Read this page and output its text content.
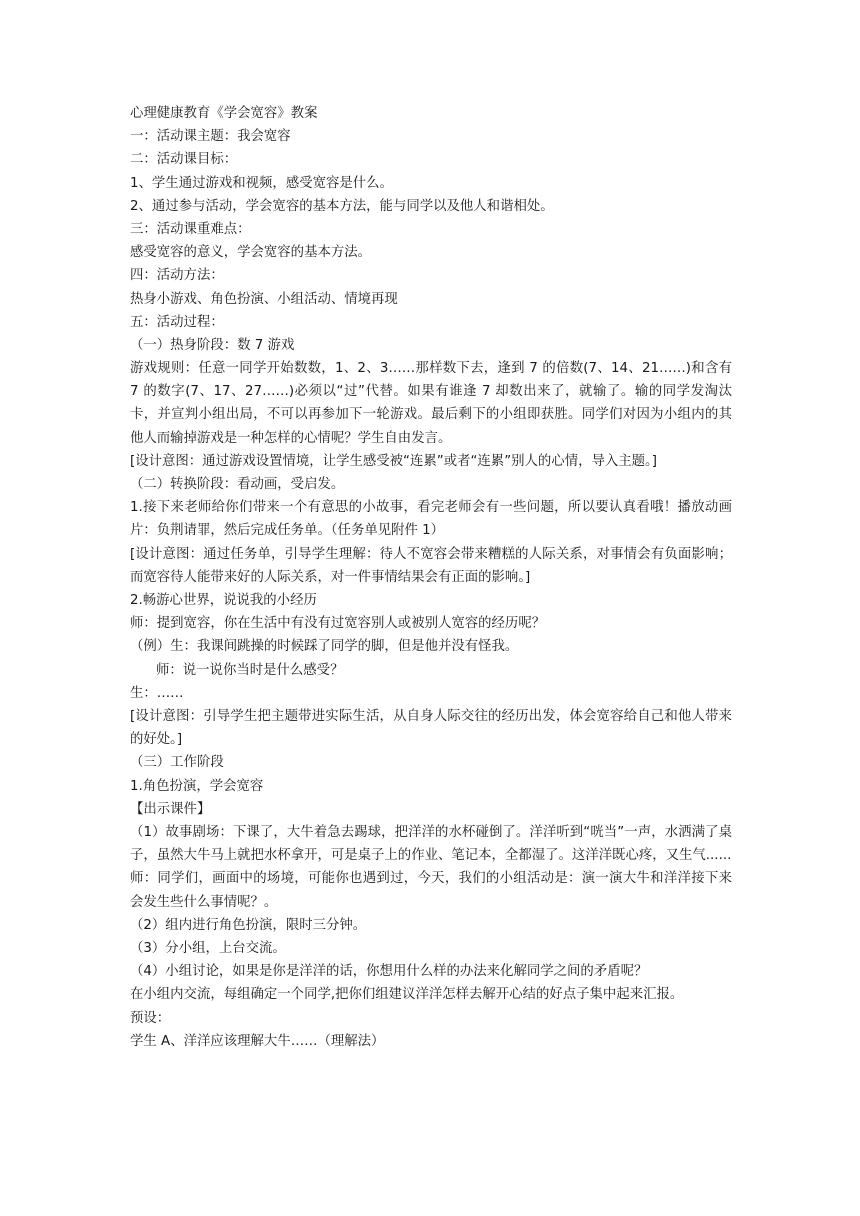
心理健康教育《学会宽容》教案
一：活动课主题：我会宽容
二：活动课目标：
1、学生通过游戏和视频，感受宽容是什么。
2、通过参与活动，学会宽容的基本方法，能与同学以及他人和谐相处。
三：活动课重难点：
感受宽容的意义，学会宽容的基本方法。
四：活动方法：
热身小游戏、角色扮演、小组活动、情境再现
五：活动过程：
（一）热身阶段：数 7 游戏
游戏规则：任意一同学开始数数，1、2、3……那样数下去，逢到 7 的倍数(7、14、21……)和含有 7 的数字(7、17、27……)必须以“过”代替。如果有谁逢 7 却数出来了，就输了。输的同学发淘汰卡，并宣判小组出局，不可以再参加下一轮游戏。最后剩下的小组即获胜。同学们对因为小组内的其他人而输掉游戏是一种怎样的心情呢？学生自由发言。
[设计意图：通过游戏设置情境，让学生感受被“连累”或者“连累”别人的心情，导入主题。]
（二）转换阶段：看动画，受启发。
1.接下来老师给你们带来一个有意思的小故事，看完老师会有一些问题，所以要认真看哦！播放动画片：负荆请罪，然后完成任务单。（任务单见附件 1）
[设计意图：通过任务单，引导学生理解：待人不宽容会带来糟糕的人际关系，对事情会有负面影响；而宽容待人能带来好的人际关系，对一件事情结果会有正面的影响。]
2.畅游心世界，说说我的小经历
师：提到宽容，你在生活中有没有过宽容别人或被别人宽容的经历呢？
（例）生：我课间跳操的时候踩了同学的脚，但是他并没有怪我。
师：说一说你当时是什么感受？
生：……
[设计意图：引导学生把主题带进实际生活，从自身人际交往的经历出发，体会宽容给自己和他人带来的好处。]
（三）工作阶段
1.角色扮演，学会宽容
【出示课件】
（1）故事剧场：下课了，大牛着急去踢球，把洋洋的水杯碰倒了。洋洋听到“咣当”一声，水洒满了桌子，虽然大牛马上就把水杯拿开，可是桌子上的作业、笔记本，全都湿了。这洋洋既心疼，又生气......
师：同学们，画面中的场境，可能你也遇到过，今天，我们的小组活动是：演一演大牛和洋洋接下来会发生些什么事情呢？。
（2）组内进行角色扮演，限时三分钟。
（3）分小组，上台交流。
（4）小组讨论，如果是你是洋洋的话，你想用什么样的办法来化解同学之间的矛盾呢？
在小组内交流，每组确定一个同学,把你们组建议洋洋怎样去解开心结的好点子集中起来汇报。
预设：
学生 A、洋洋应该理解大牛……（理解法）
